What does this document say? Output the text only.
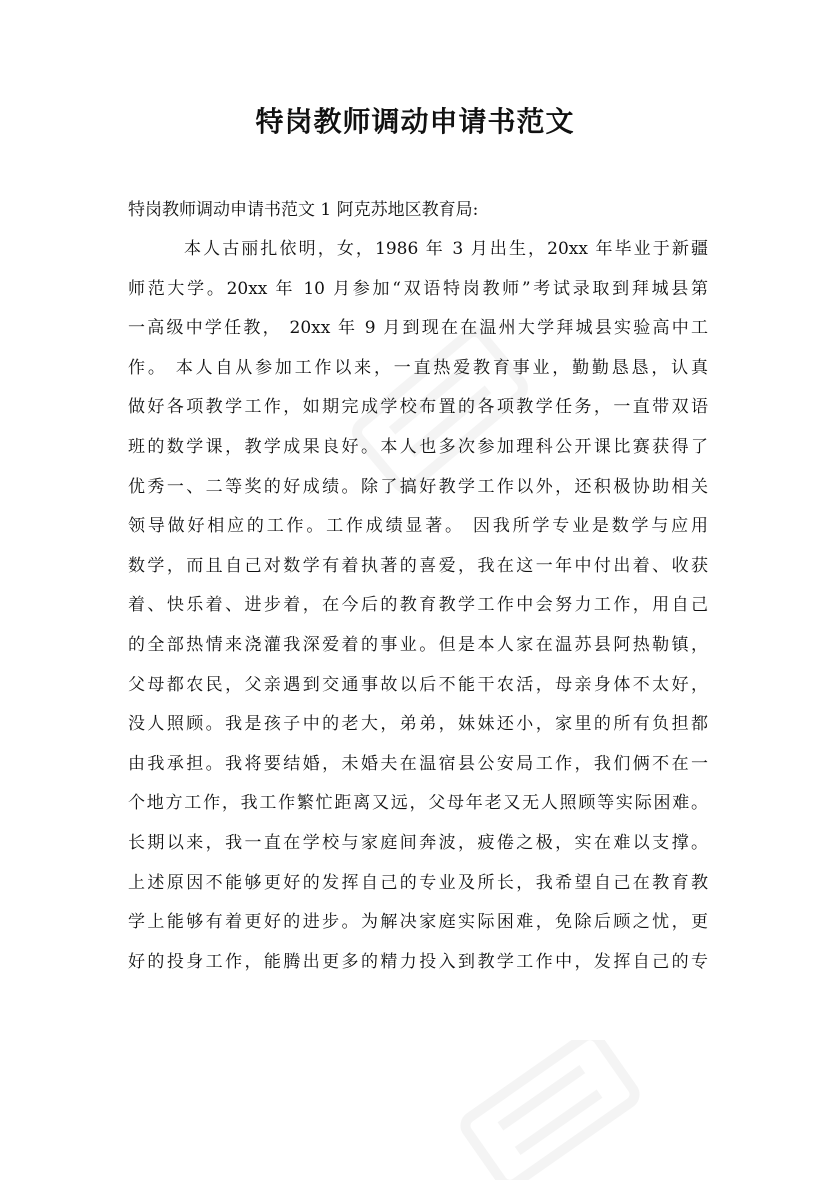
特岗教师调动申请书范文
特岗教师调动申请书范文 1 阿克苏地区教育局:
本人古丽扎依明，女，1986 年 3 月出生，20xx 年毕业于新疆
师范大学。20xx 年 10 月参加“双语特岗教师”考试录取到拜城县第
一高级中学任教， 20xx 年 9 月到现在在温州大学拜城县实验高中工
作。 本人自从参加工作以来，一直热爱教育事业，勤勤恳恳，认真
做好各项教学工作，如期完成学校布置的各项教学任务，一直带双语
班的数学课，教学成果良好。本人也多次参加理科公开课比赛获得了
优秀一、二等奖的好成绩。除了搞好教学工作以外，还积极协助相关
领导做好相应的工作。工作成绩显著。 因我所学专业是数学与应用
数学，而且自己对数学有着执著的喜爱，我在这一年中付出着、收获
着、快乐着、进步着，在今后的教育教学工作中会努力工作，用自己
的全部热情来浇灌我深爱着的事业。但是本人家在温苏县阿热勒镇，
父母都农民，父亲遇到交通事故以后不能干农活，母亲身体不太好，
没人照顾。我是孩子中的老大，弟弟，妹妹还小，家里的所有负担都
由我承担。我将要结婚，未婚夫在温宿县公安局工作，我们俩不在一
个地方工作，我工作繁忙距离又远，父母年老又无人照顾等实际困难。
长期以来，我一直在学校与家庭间奔波，疲倦之极，实在难以支撑。
上述原因不能够更好的发挥自己的专业及所长，我希望自己在教育教
学上能够有着更好的进步。为解决家庭实际困难，免除后顾之忧，更
好的投身工作，能腾出更多的精力投入到教学工作中，发挥自己的专
